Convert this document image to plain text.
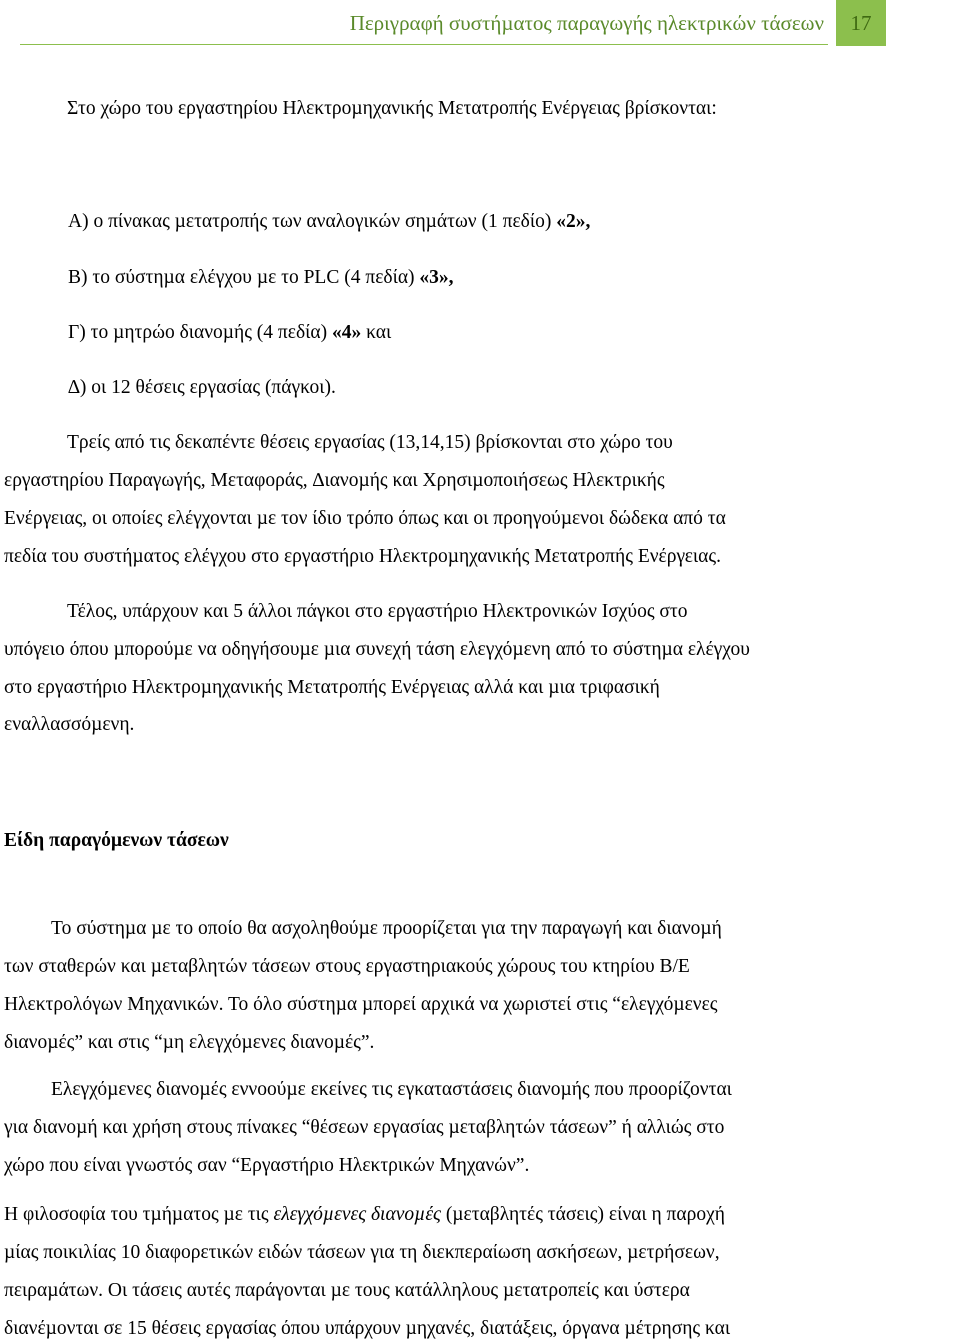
Περιγραφή συστήµατος παραγωγής ηλεκτρικών τάσεων	17
Στο χώρο του εργαστηρίου Ηλεκτροµηχανικής Μετατροπής Ενέργειας βρίσκονται:
Α) ο πίνακας µετατροπής των αναλογικών σηµάτων (1 πεδίο) «2»,
Β) το σύστηµα ελέγχου µε το PLC (4 πεδία) «3»,
Γ) το µητρώο διανοµής (4 πεδία) «4» και
∆) οι 12 θέσεις εργασίας (πάγκοι).
Τρείς από τις δεκαπέντε θέσεις εργασίας (13,14,15) βρίσκονται στο χώρο του
εργαστηρίου Παραγωγής, Μεταφοράς, ∆ιανοµής και Χρησιµοποιήσεως Ηλεκτρικής
Ενέργειας, οι οποίες ελέγχονται µε τον ίδιο τρόπο όπως και οι προηγούµενοι δώδεκα από τα
πεδία του συστήµατος ελέγχου στο εργαστήριο Ηλεκτροµηχανικής Μετατροπής Ενέργειας.
Τέλος, υπάρχουν και 5 άλλοι πάγκοι στο εργαστήριο Ηλεκτρονικών Ισχύος στο
υπόγειο όπου µπορούµε να οδηγήσουµε µια συνεχή τάση ελεγχόµενη από το σύστηµα ελέγχου
στο εργαστήριο Ηλεκτροµηχανικής Μετατροπής Ενέργειας αλλά και µια τριφασική
εναλλασσόµενη.
Είδη παραγόµενων τάσεων
Το σύστηµα µε το οποίο θα ασχοληθούµε προορίζεται για την παραγωγή και διανοµή
των σταθερών και µεταβλητών τάσεων στους εργαστηριακούς χώρους του κτηρίου Β/Ε
Ηλεκτρολόγων Μηχανικών. Το όλο σύστηµα µπορεί αρχικά να χωριστεί στις “ελεγχόµενες
διανοµές” και στις “µη ελεγχόµενες διανοµές”.
Ελεγχόµενες διανοµές εννοούµε εκείνες τις εγκαταστάσεις διανοµής που προορίζονται
για διανοµή και χρήση στους πίνακες “θέσεων εργασίας µεταβλητών τάσεων” ή αλλιώς στο
χώρο που είναι γνωστός σαν “Εργαστήριο Ηλεκτρικών Μηχανών”.
Η φιλοσοφία του τµήµατος µε τις ελεγχόµενες διανοµές (µεταβλητές τάσεις) είναι η παροχή
µίας ποικιλίας 10 διαφορετικών ειδών τάσεων για τη διεκπεραίωση ασκήσεων, µετρήσεων,
πειραµάτων. Οι τάσεις αυτές παράγονται µε τους κατάλληλους µετατροπείς και ύστερα
διανέµονται σε 15 θέσεις εργασίας όπου υπάρχουν µηχανές, διατάξεις, όργανα µέτρησης και
